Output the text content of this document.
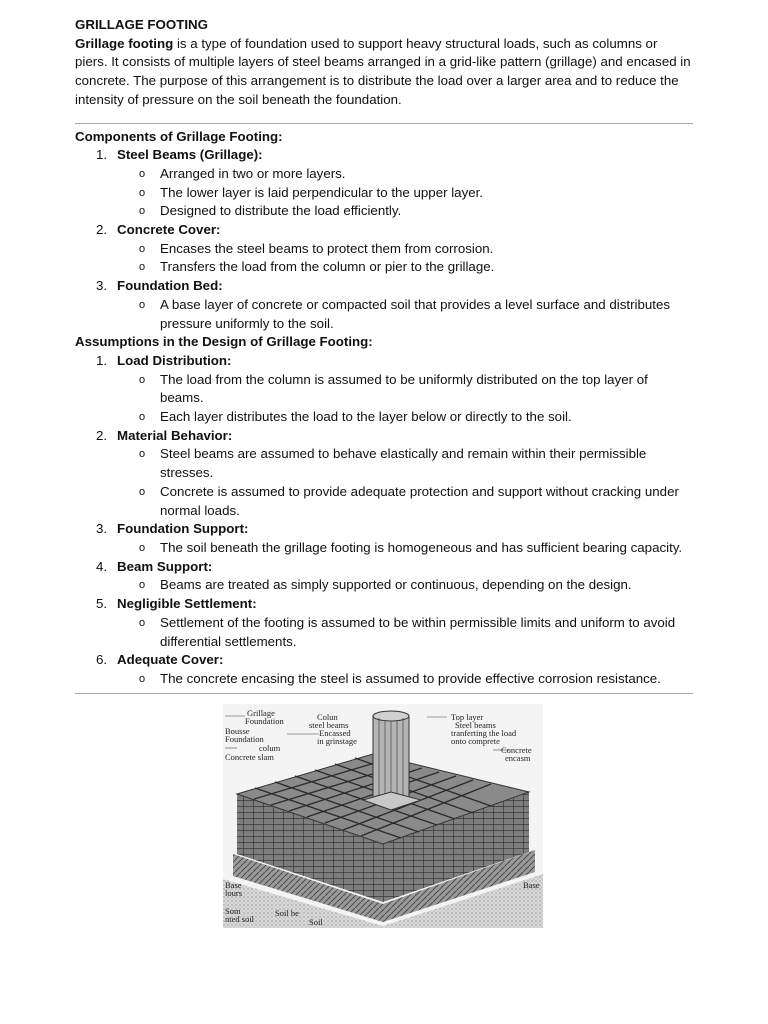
GRILLAGE FOOTING

Grillage footing is a type of foundation used to support heavy structural loads, such as columns or piers. It consists of multiple layers of steel beams arranged in a grid-like pattern (grillage) and encased in concrete. The purpose of this arrangement is to distribute the load over a larger area and to reduce the intensity of pressure on the soil beneath the foundation.

Components of Grillage Footing:
1. Steel Beams (Grillage):
o Arranged in two or more layers.
o The lower layer is laid perpendicular to the upper layer.
o Designed to distribute the load efficiently.
2. Concrete Cover:
o Encases the steel beams to protect them from corrosion.
o Transfers the load from the column or pier to the grillage.
3. Foundation Bed:
o A base layer of concrete or compacted soil that provides a level surface and distributes pressure uniformly to the soil.
Assumptions in the Design of Grillage Footing:
1. Load Distribution:
o The load from the column is assumed to be uniformly distributed on the top layer of beams.
o Each layer distributes the load to the layer below or directly to the soil.
2. Material Behavior:
o Steel beams are assumed to behave elastically and remain within their permissible stresses.
o Concrete is assumed to provide adequate protection and support without cracking under normal loads.
3. Foundation Support:
o The soil beneath the grillage footing is homogeneous and has sufficient bearing capacity.
4. Beam Support:
o Beams are treated as simply supported or continuous, depending on the design.
5. Negligible Settlement:
o Settlement of the footing is assumed to be within permissible limits and uniform to avoid differential settlements.
6. Adequate Cover:
o The concrete encasing the steel is assumed to provide effective corrosion resistance.
Grillage
Foundation
Bousse
Foundation
colum
Concrete slam
Colun
steel beams
Encassed
in grinstage
Top layer
Steel beams
tranferting the load
onto comprete
Concrete
encasm
Base
lours
Base
Som
nted soil
Soil be
Soil
